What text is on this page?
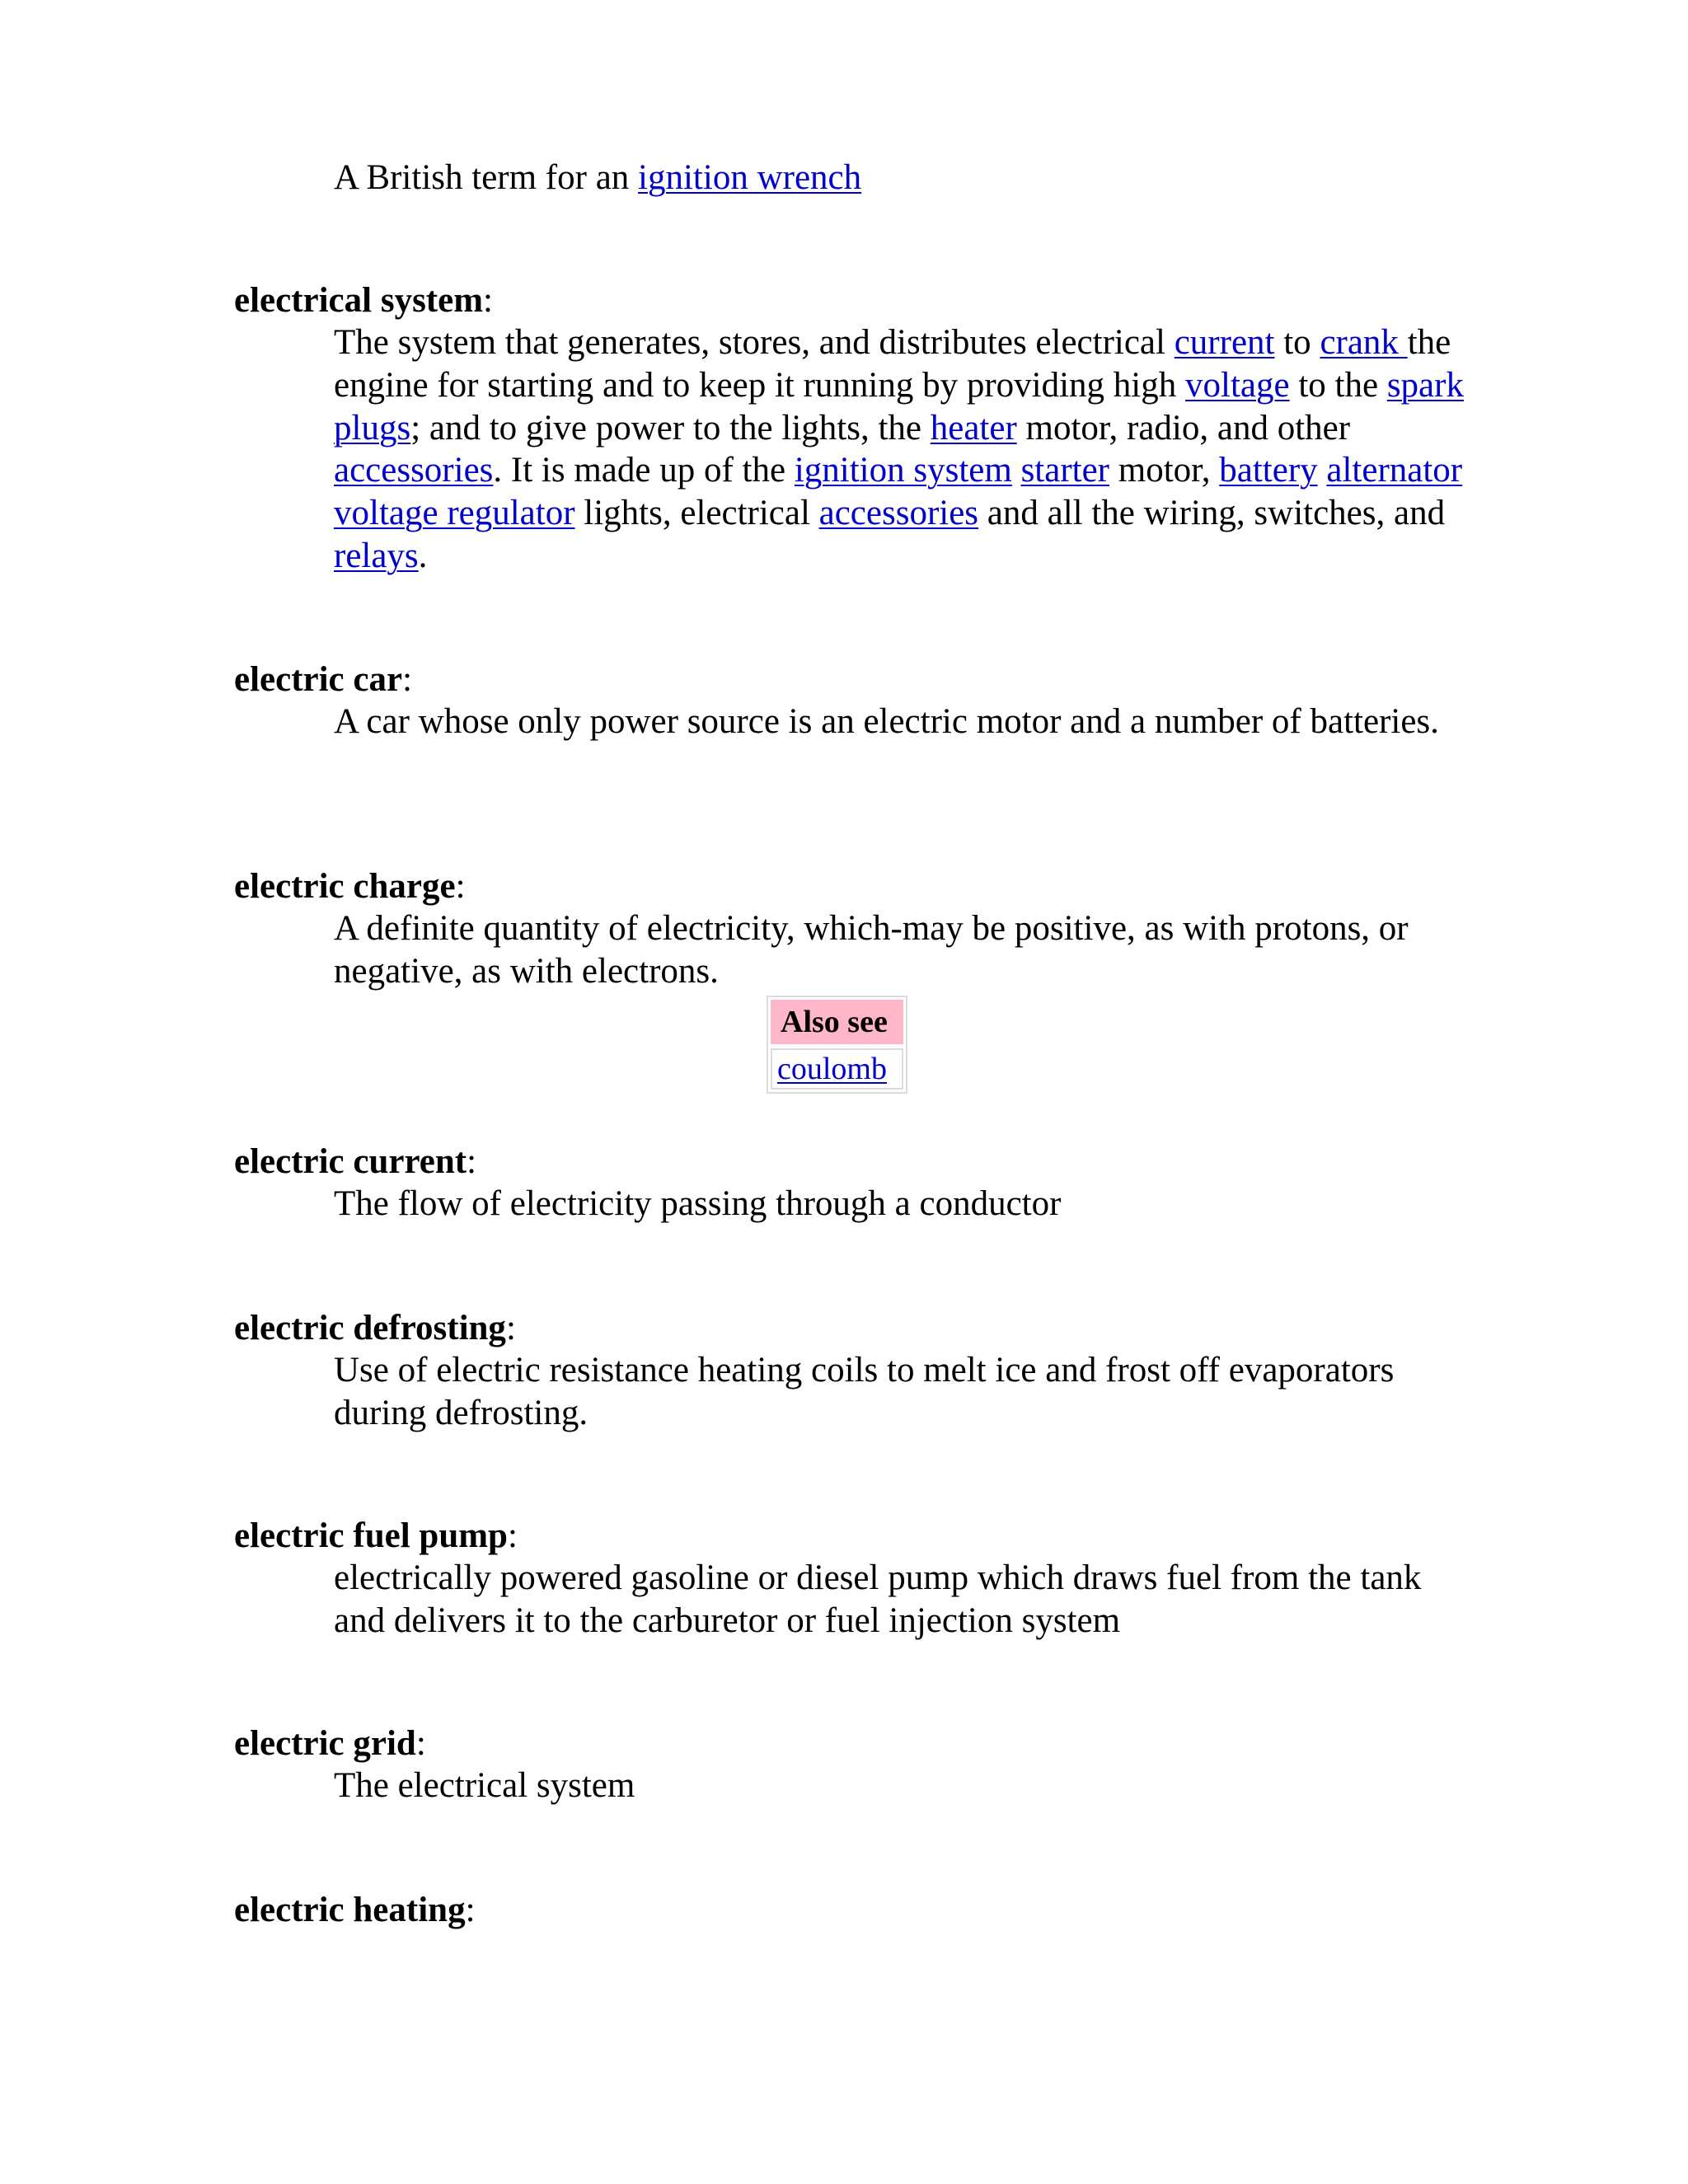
A British term for an ignition wrench
electrical system:
The system that generates, stores, and distributes electrical current to crank the engine for starting and to keep it running by providing high voltage to the spark plugs; and to give power to the lights, the heater motor, radio, and other accessories. It is made up of the ignition system starter motor, battery alternator voltage regulator lights, electrical accessories and all the wiring, switches, and relays.
electric car:
A car whose only power source is an electric motor and a number of batteries.
electric charge:
A definite quantity of electricity, which-may be positive, as with protons, or negative, as with electrons.
Also see
coulomb
electric current:
The flow of electricity passing through a conductor
electric defrosting:
Use of electric resistance heating coils to melt ice and frost off evaporators during defrosting.
electric fuel pump:
electrically powered gasoline or diesel pump which draws fuel from the tank and delivers it to the carburetor or fuel injection system
electric grid:
The electrical system
electric heating:
